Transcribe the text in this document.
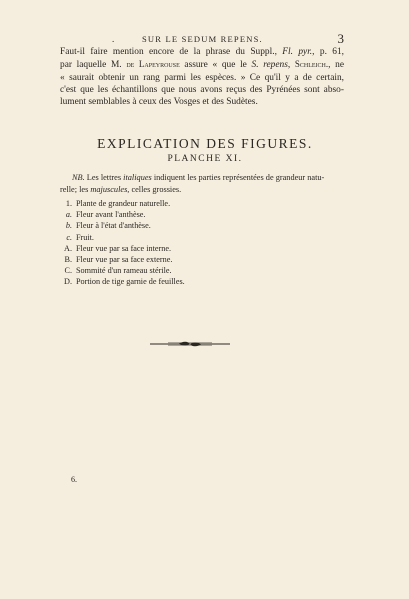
.	SUR LE SEDUM REPENS.	3
Faut-il faire mention encore de la phrase du Suppl., Fl. pyr., p. 61,
par laquelle M. de Lapeyrouse assure « que le S. repens, Schleich., ne
« saurait obtenir un rang parmi les espèces. » Ce qu'il y a de certain,
c'est que les échantillons que nous avons reçus des Pyrénées sont abso-
lument semblables à ceux des Vosges et des Sudètes.
EXPLICATION DES FIGURES.
PLANCHE XI.
NB. Les lettres italiques indiquent les parties représentées de grandeur natu-
relle; les majuscules, celles grossies.
1. Plante de grandeur naturelle.
a. Fleur avant l'anthèse.
b. Fleur à l'état d'anthèse.
c. Fruit.
A. Fleur vue par sa face interne.
B. Fleur vue par sa face externe.
C. Sommité d'un rameau stérile.
D. Portion de tige garnie de feuilles.
6.
